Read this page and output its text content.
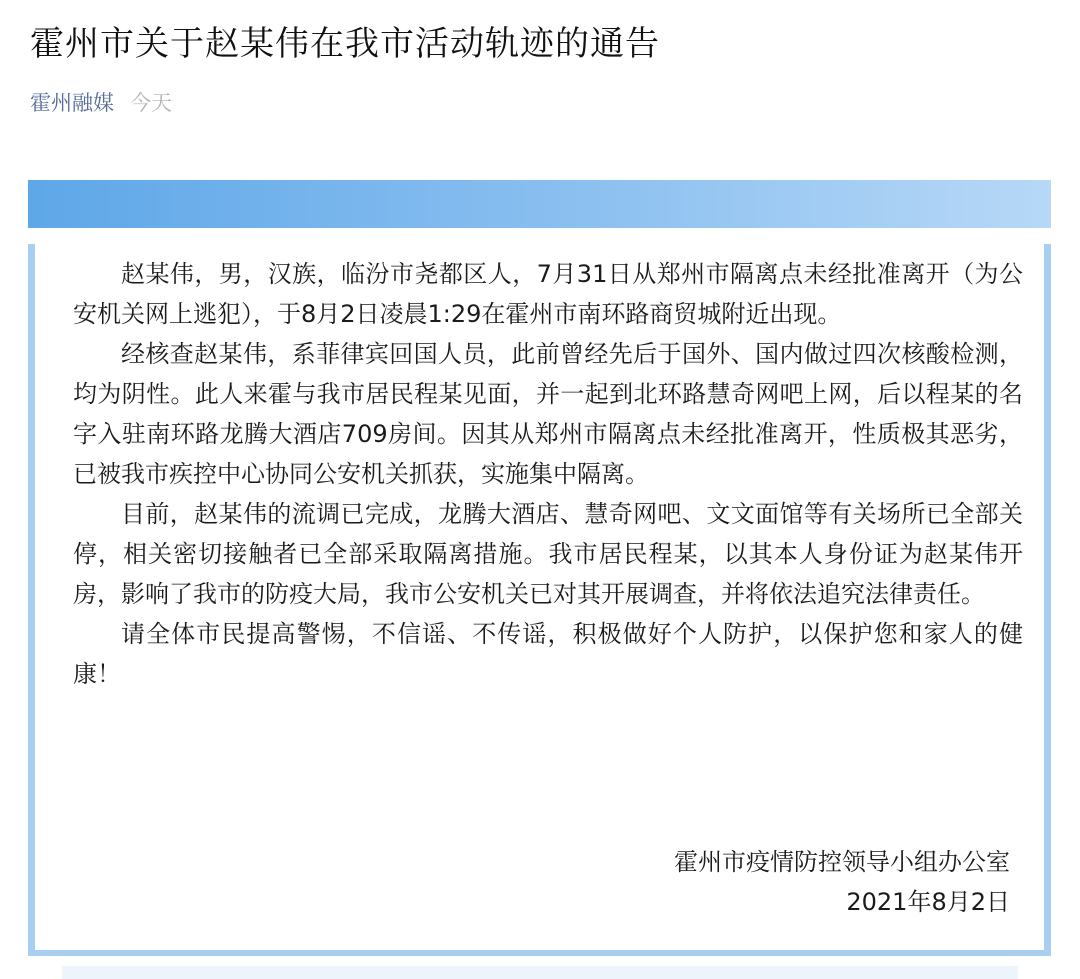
霍州市关于赵某伟在我市活动轨迹的通告
霍州融媒 今天

赵某伟，男，汉族，临汾市尧都区人，7月31日从郑州市隔离点未经批准离开（为公安机关网上逃犯），于8月2日凌晨1:29在霍州市南环路商贸城附近出现。

经核查赵某伟，系菲律宾回国人员，此前曾经先后于国外、国内做过四次核酸检测，均为阴性。此人来霍与我市居民程某见面，并一起到北环路慧奇网吧上网，后以程某的名字入驻南环路龙腾大酒店709房间。因其从郑州市隔离点未经批准离开，性质极其恶劣，已被我市疾控中心协同公安机关抓获，实施集中隔离。

目前，赵某伟的流调已完成，龙腾大酒店、慧奇网吧、文文面馆等有关场所已全部关停，相关密切接触者已全部采取隔离措施。我市居民程某，以其本人身份证为赵某伟开房，影响了我市的防疫大局，我市公安机关已对其开展调查，并将依法追究法律责任。

请全体市民提高警惕，不信谣、不传谣，积极做好个人防护，以保护您和家人的健康！

霍州市疫情防控领导小组办公室
2021年8月2日
